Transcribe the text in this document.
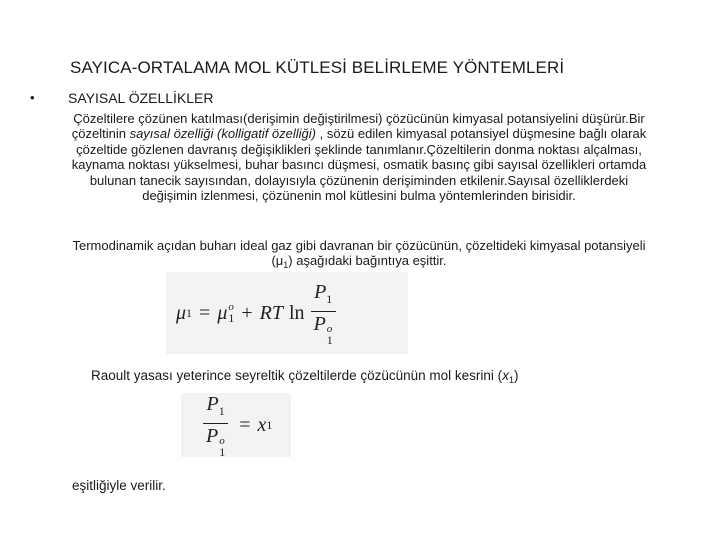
SAYICA-ORTALAMA MOL KÜTLESİ BELİRLEME YÖNTEMLERİ
• SAYISAL ÖZELLİKLER

Çözeltilere çözünen katılması(derişimin değiştirilmesi) çözücünün kimyasal potansiyelini düşürür.Bir çözeltinin sayısal özelliği (kolligatif özelliği) , sözü edilen kimyasal potansiyel düşmesine bağlı olarak çözeltide gözlenen davranış değişiklikleri şeklinde tanımlanır.Çözeltilerin donma noktası alçalması, kaynama noktası yükselmesi, buhar basıncı düşmesi, osmatik basınç gibi sayısal özellikleri ortamda bulunan tanecik sayısından, dolayısıyla çözünenin derişiminden etkilenir.Sayısal özelliklerdeki değişimin izlenmesi, çözünenin mol kütlesini bulma yöntemlerinden birisidir.

Termodinamik açıdan buharı ideal gaz gibi davranan bir çözücünün, çözeltideki kimyasal potansiyeli $(\mu_1)$ aşağıdaki bağıntıya eşittir.

μ 1 = μ o
1 + RT $\ln P_1$
P o
1
Raoult yasası yeterince seyreltik çözeltilerde çözücünün mol kesrini $(x_1)$
$P_1$
P o
1 = x 1
eşitliğiyle verilir.
